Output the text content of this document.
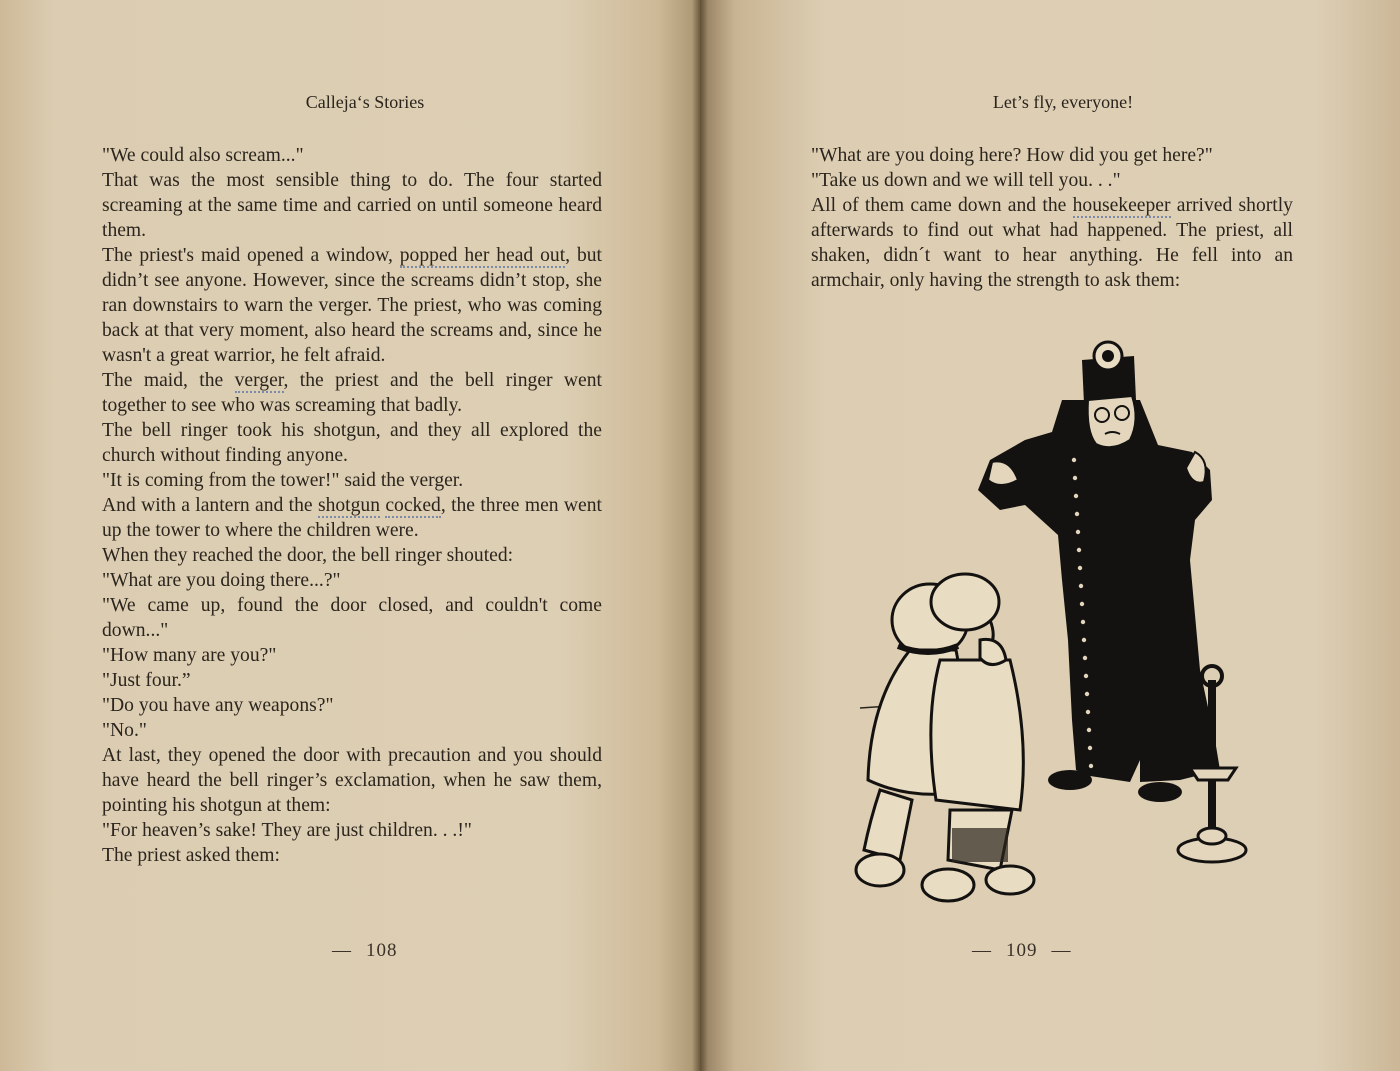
Calleja‘s Stories

"We could also scream..."

That was the most sensible thing to do. The four started screaming at the same time and carried on until someone heard them.

The priest's maid opened a window, popped her head out, but didn’t see anyone. However, since the screams didn’t stop, she ran downstairs to warn the verger. The priest, who was coming back at that very moment, also heard the screams and, since he wasn't a great warrior, he felt afraid.

The maid, the verger, the priest and the bell ringer went together to see who was screaming that badly.

The bell ringer took his shotgun, and they all explored the church without finding anyone.

"It is coming from the tower!" said the verger.

And with a lantern and the shotgun cocked, the three men went up the tower to where the children were.

When they reached the door, the bell ringer shouted:

"What are you doing there...?"

"We came up, found the door closed, and couldn't come down..."

"How many are you?"

"Just four.”

"Do you have any weapons?"

"No."

At last, they opened the door with precaution and you should have heard the bell ringer’s exclamation, when he saw them, pointing his shotgun at them:

"For heaven’s sake! They are just children. . .!"

The priest asked them:

— 108
Let’s fly, everyone!

"What are you doing here? How did you get here?"

"Take us down and we will tell you. . ."

All of them came down and the housekeeper arrived shortly afterwards to find out what had happened. The priest, all shaken, didn´t want to hear anything. He fell into an armchair, only having the strength to ask them:

— 109 —
